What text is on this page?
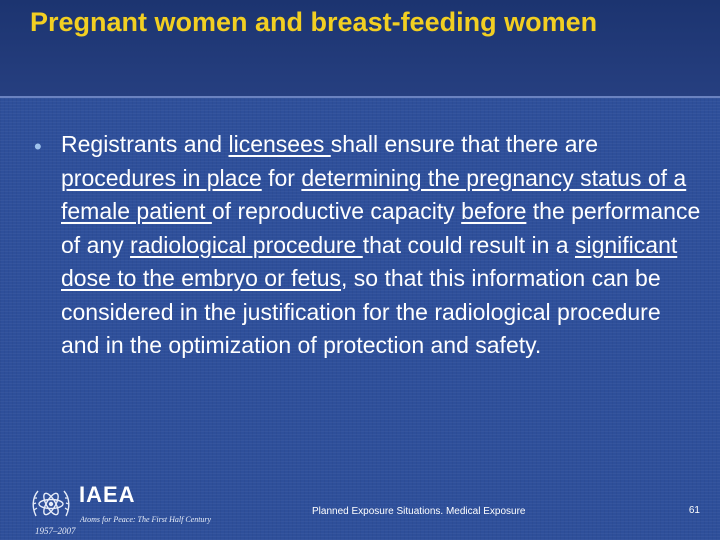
Pregnant women and breast-feeding women
• Registrants and licensees shall ensure that there are procedures in place for determining the pregnancy status of a female patient of reproductive capacity before the performance of any radiological procedure that could result in a significant dose to the embryo or fetus, so that this information can be considered in the justification for the radiological procedure and in the optimization of protection and safety.

IAEA
Atoms for Peace: The First Half Century
1957–2007
Planned Exposure Situations. Medical Exposure	61
